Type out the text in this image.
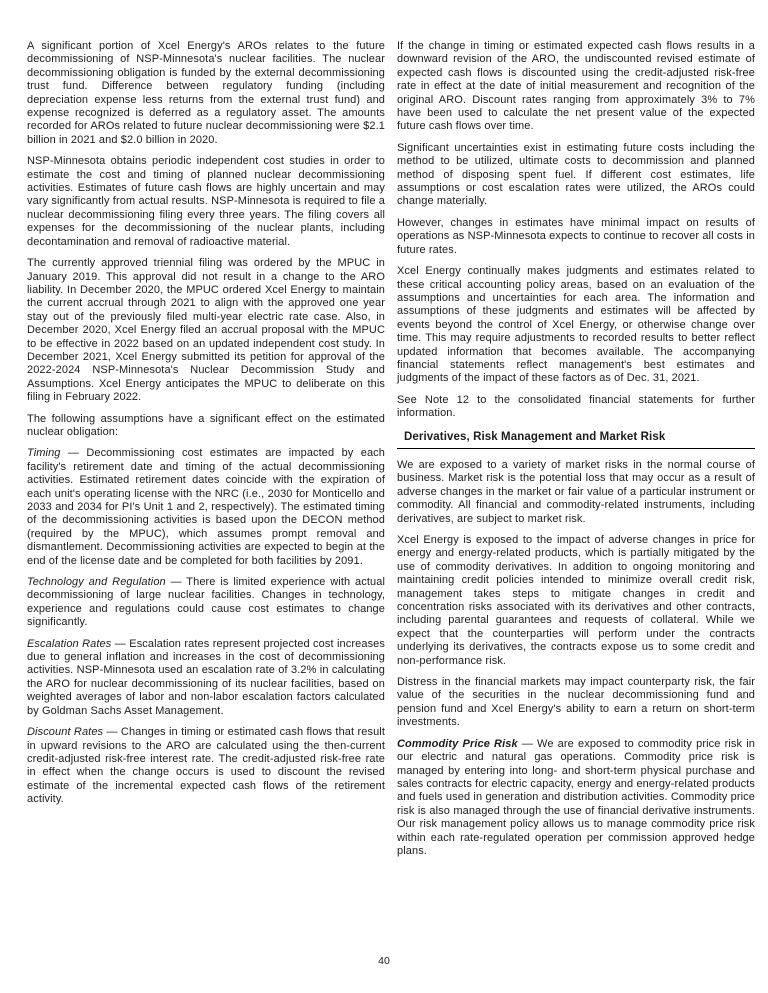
A significant portion of Xcel Energy's AROs relates to the future decommissioning of NSP-Minnesota's nuclear facilities. The nuclear decommissioning obligation is funded by the external decommissioning trust fund. Difference between regulatory funding (including depreciation expense less returns from the external trust fund) and expense recognized is deferred as a regulatory asset. The amounts recorded for AROs related to future nuclear decommissioning were $2.1 billion in 2021 and $2.0 billion in 2020.

NSP-Minnesota obtains periodic independent cost studies in order to estimate the cost and timing of planned nuclear decommissioning activities. Estimates of future cash flows are highly uncertain and may vary significantly from actual results. NSP-Minnesota is required to file a nuclear decommissioning filing every three years. The filing covers all expenses for the decommissioning of the nuclear plants, including decontamination and removal of radioactive material.

The currently approved triennial filing was ordered by the MPUC in January 2019. This approval did not result in a change to the ARO liability. In December 2020, the MPUC ordered Xcel Energy to maintain the current accrual through 2021 to align with the approved one year stay out of the previously filed multi-year electric rate case. Also, in December 2020, Xcel Energy filed an accrual proposal with the MPUC to be effective in 2022 based on an updated independent cost study. In December 2021, Xcel Energy submitted its petition for approval of the 2022-2024 NSP-Minnesota's Nuclear Decommission Study and Assumptions. Xcel Energy anticipates the MPUC to deliberate on this filing in February 2022.

The following assumptions have a significant effect on the estimated nuclear obligation:

Timing — Decommissioning cost estimates are impacted by each facility's retirement date and timing of the actual decommissioning activities. Estimated retirement dates coincide with the expiration of each unit's operating license with the NRC (i.e., 2030 for Monticello and 2033 and 2034 for PI's Unit 1 and 2, respectively). The estimated timing of the decommissioning activities is based upon the DECON method (required by the MPUC), which assumes prompt removal and dismantlement. Decommissioning activities are expected to begin at the end of the license date and be completed for both facilities by 2091.

Technology and Regulation — There is limited experience with actual decommissioning of large nuclear facilities. Changes in technology, experience and regulations could cause cost estimates to change significantly.

Escalation Rates — Escalation rates represent projected cost increases due to general inflation and increases in the cost of decommissioning activities. NSP-Minnesota used an escalation rate of 3.2% in calculating the ARO for nuclear decommissioning of its nuclear facilities, based on weighted averages of labor and non-labor escalation factors calculated by Goldman Sachs Asset Management.

Discount Rates — Changes in timing or estimated cash flows that result in upward revisions to the ARO are calculated using the then-current credit-adjusted risk-free interest rate. The credit-adjusted risk-free rate in effect when the change occurs is used to discount the revised estimate of the incremental expected cash flows of the retirement activity.

If the change in timing or estimated expected cash flows results in a downward revision of the ARO, the undiscounted revised estimate of expected cash flows is discounted using the credit-adjusted risk-free rate in effect at the date of initial measurement and recognition of the original ARO. Discount rates ranging from approximately 3% to 7% have been used to calculate the net present value of the expected future cash flows over time.

Significant uncertainties exist in estimating future costs including the method to be utilized, ultimate costs to decommission and planned method of disposing spent fuel. If different cost estimates, life assumptions or cost escalation rates were utilized, the AROs could change materially.

However, changes in estimates have minimal impact on results of operations as NSP-Minnesota expects to continue to recover all costs in future rates.

Xcel Energy continually makes judgments and estimates related to these critical accounting policy areas, based on an evaluation of the assumptions and uncertainties for each area. The information and assumptions of these judgments and estimates will be affected by events beyond the control of Xcel Energy, or otherwise change over time. This may require adjustments to recorded results to better reflect updated information that becomes available. The accompanying financial statements reflect management's best estimates and judgments of the impact of these factors as of Dec. 31, 2021.

See Note 12 to the consolidated financial statements for further information.

Derivatives, Risk Management and Market Risk

We are exposed to a variety of market risks in the normal course of business. Market risk is the potential loss that may occur as a result of adverse changes in the market or fair value of a particular instrument or commodity. All financial and commodity-related instruments, including derivatives, are subject to market risk.

Xcel Energy is exposed to the impact of adverse changes in price for energy and energy-related products, which is partially mitigated by the use of commodity derivatives. In addition to ongoing monitoring and maintaining credit policies intended to minimize overall credit risk, management takes steps to mitigate changes in credit and concentration risks associated with its derivatives and other contracts, including parental guarantees and requests of collateral. While we expect that the counterparties will perform under the contracts underlying its derivatives, the contracts expose us to some credit and non-performance risk.

Distress in the financial markets may impact counterparty risk, the fair value of the securities in the nuclear decommissioning fund and pension fund and Xcel Energy's ability to earn a return on short-term investments.

Commodity Price Risk — We are exposed to commodity price risk in our electric and natural gas operations. Commodity price risk is managed by entering into long- and short-term physical purchase and sales contracts for electric capacity, energy and energy-related products and fuels used in generation and distribution activities. Commodity price risk is also managed through the use of financial derivative instruments. Our risk management policy allows us to manage commodity price risk within each rate-regulated operation per commission approved hedge plans.

40
